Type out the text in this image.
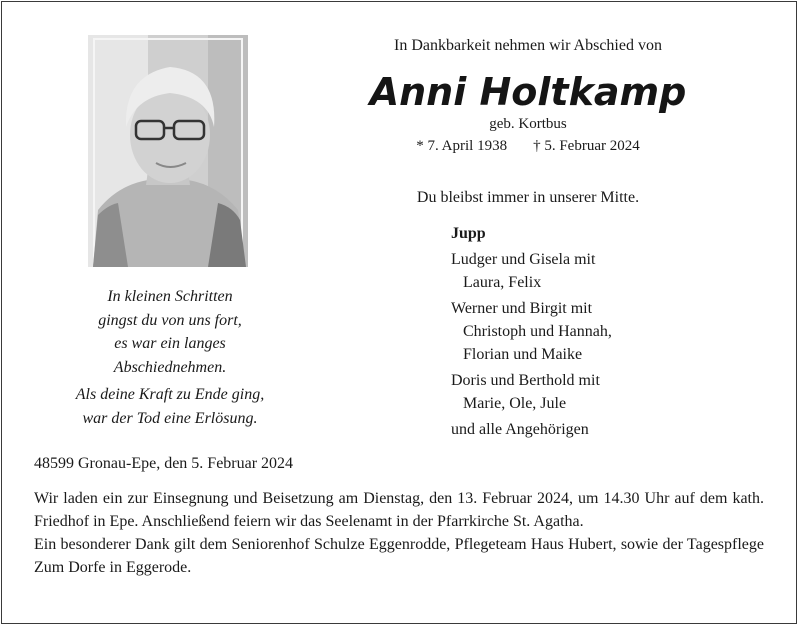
In kleinen Schritten
gingst du von uns fort,
es war ein langes
Abschiednehmen.
Als deine Kraft zu Ende ging,
war der Tod eine Erlösung.
In Dankbarkeit nehmen wir Abschied von
Anni Holtkamp
geb. Kortbus
* 7. April 1938 † 5. Februar 2024
Du bleibst immer in unserer Mitte.
Jupp
Ludger und Gisela mit
Laura, Felix
Werner und Birgit mit
Christoph und Hannah,
Florian und Maike
Doris und Berthold mit
Marie, Ole, Jule
und alle Angehörigen
48599 Gronau-Epe, den 5. Februar 2024

Wir laden ein zur Einsegnung und Beisetzung am Dienstag, den 13. Februar 2024, um 14.30 Uhr auf dem kath. Friedhof in Epe. Anschließend feiern wir das Seelenamt in der Pfarrkirche St. Agatha.

Ein besonderer Dank gilt dem Seniorenhof Schulze Eggenrodde, Pflegeteam Haus Hubert, sowie der Tagespflege Zum Dorfe in Eggerode.
